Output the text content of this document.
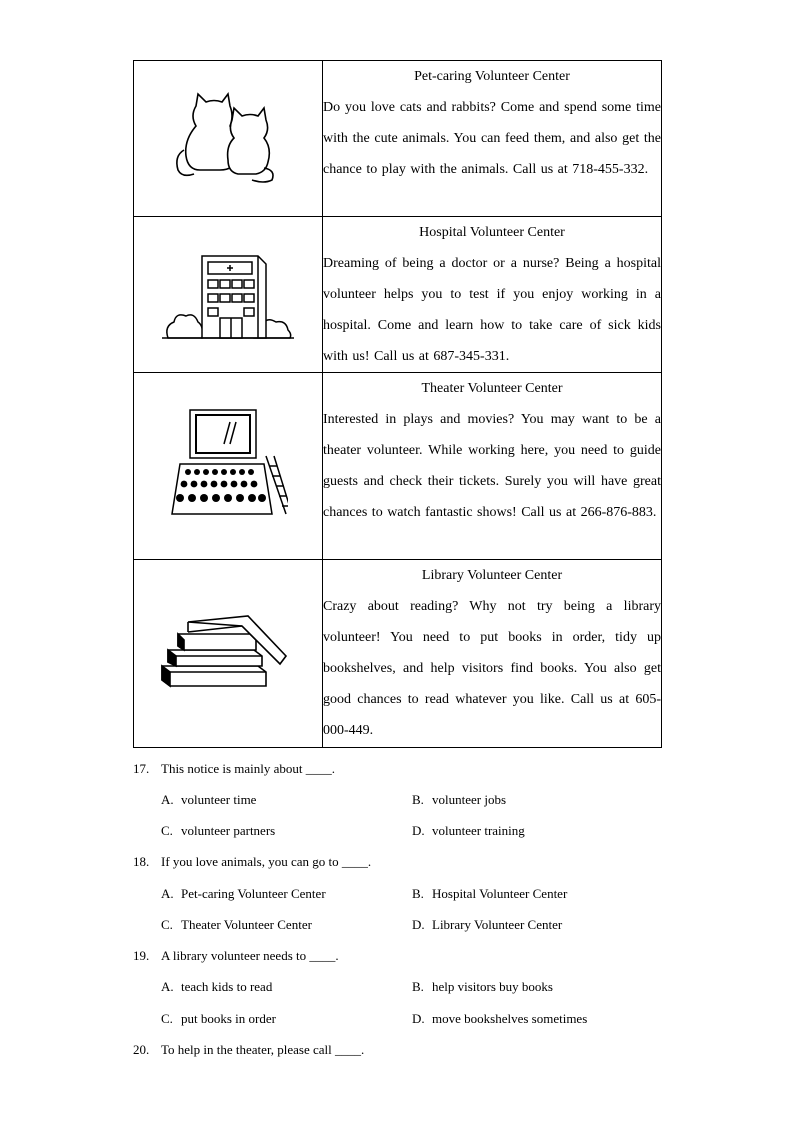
Pet-caring Volunteer Center

Do you love cats and rabbits? Come and spend some time with the cute animals. You can feed them, and also get the chance to play with the animals. Call us at 718-455-332.

Hospital Volunteer Center

Dreaming of being a doctor or a nurse? Being a hospital volunteer helps you to test if you enjoy working in a hospital. Come and learn how to take care of sick kids with us! Call us at 687-345-331.

Theater Volunteer Center

Interested in plays and movies? You may want to be a theater volunteer. While working here, you need to guide guests and check their tickets. Surely you will have great chances to watch fantastic shows! Call us at 266-876-883.

Library Volunteer Center

Crazy about reading? Why not try being a library volunteer! You need to put books in order, tidy up bookshelves, and help visitors find books. You also get good chances to read whatever you like. Call us at 605-000-449.

17. This notice is mainly about ____.
A. volunteer time	B. volunteer jobs
C. volunteer partners	D. volunteer training
18. If you love animals, you can go to ____.
A. Pet-caring Volunteer Center	B. Hospital Volunteer Center
C. Theater Volunteer Center	D. Library Volunteer Center
19. A library volunteer needs to ____.
A. teach kids to read	B. help visitors buy books
C. put books in order	D. move bookshelves sometimes
20. To help in the theater, please call ____.
